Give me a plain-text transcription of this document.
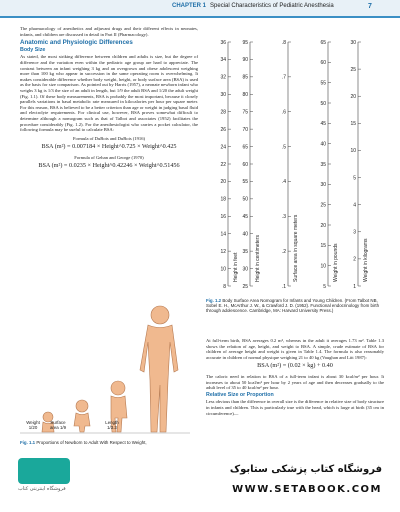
CHAPTER 1 Special Characteristics of Pediatric Anesthesia	7

The pharmacology of anesthetics and adjuvant drugs and their different effects in neonates, infants, and children are discussed in detail in Part II (Pharmacology).

Anatomic and Physiologic Differences
Body Size

As stated, the most striking difference between children and adults is size, but the degree of difference and the variation even within the pediatric age group are hard to appreciate. The contrast between an infant weighing 3 kg and an overgrown and obese adolescent weighing more than 100 kg who appear in succession in the same operating room is overwhelming. It makes considerable difference whether body weight, height, or body surface area (BSA) is used as the basis for size comparison. As pointed out by Harris (1957), a neonate newborn infant who weighs 3 kg is 1/3 the size of an adult in length, but 1/9 the adult BSA and 1/20 the adult weight (Fig. 1.1). Of these body measurements, BSA is probably the most important, because it closely parallels variations in basal metabolic rate measured in kilocalories per hour per square meter. For this reason, BSA is believed to be a better criterion than age or weight in judging basal fluid and electrolyte requirements. For clinical use, however, BSA proves somewhat difficult to determine although a nomogram such as that of Talbot and associates (1952) facilitates the procedure considerably (Fig. 1.2). For the anesthesiologist who carries a pocket calculator, the following formula may be useful to calculate BSA:

Formula of DuBois and DuBois (1916)
BSA (m²) = 0.007184 × Height^0.725 × Weight^0.425
Formula of Gehan and George (1970)
BSA (m²) = 0.0235 × Height^0.42246 × Weight^0.51456
Weight 1/20
Surface area 1/9
Length 1/3.3
Fig. 1.1 Proportions of Newborn to Adult With Respect to Weight,
36
34
32
30
28
26
24
22
20
18
16
14
12
10
8
Height in feet
95
90
85
80
75
70
65
60
55
50
45
40
35
30
25
Height in centimeters
.8
.7
.6
.5
.4
.3
.2
.1
Surface area in square meters
65
60
55
50
45
40
35
30
25
20
15
10
5
Weight in pounds
30
25
20
15
10
5
4
3
2
1
Weight in kilograms
Fig. 1.2 Body Surface Area Nomogram for Infants and Young Children. (From Talbot NB, Sobel E. H., McArthur J. W., & Crawford J. D. (1952). Functional endocrinology from birth through adolescence. Cambridge, MA: Harvard University Press.)

At full-term birth, BSA averages 0.2 m², whereas in the adult it averages 1.73 m². Table 1.3 shows the relation of age, height, and weight to BSA. A simple, crude estimate of BSA for children of average height and weight is given in Table 1.4. The formula is also reasonably accurate in children of normal physique weighing 21 to 40 kg (Vaughan and Litt 1987):

BSA (m²) = (0.02 × kg) + 0.40

The caloric need in relation to BSA of a full-term infant is about 30 kcal/m² per hour. It increases to about 50 kcal/m² per hour by 2 years of age and then decreases gradually to the adult level of 35 to 40 kcal/m² per hour.

Relative Size or Proportion

Less obvious than the difference in overall size is the difference in relative size of body structure in infants and children. This is particularly true with the head, which is large at birth (35 cm in circumference)—

فروشگاه اینترنتی کتاب
فروشگاه کتاب پزشکی ستابوک
WWW.SETABOOK.COM
